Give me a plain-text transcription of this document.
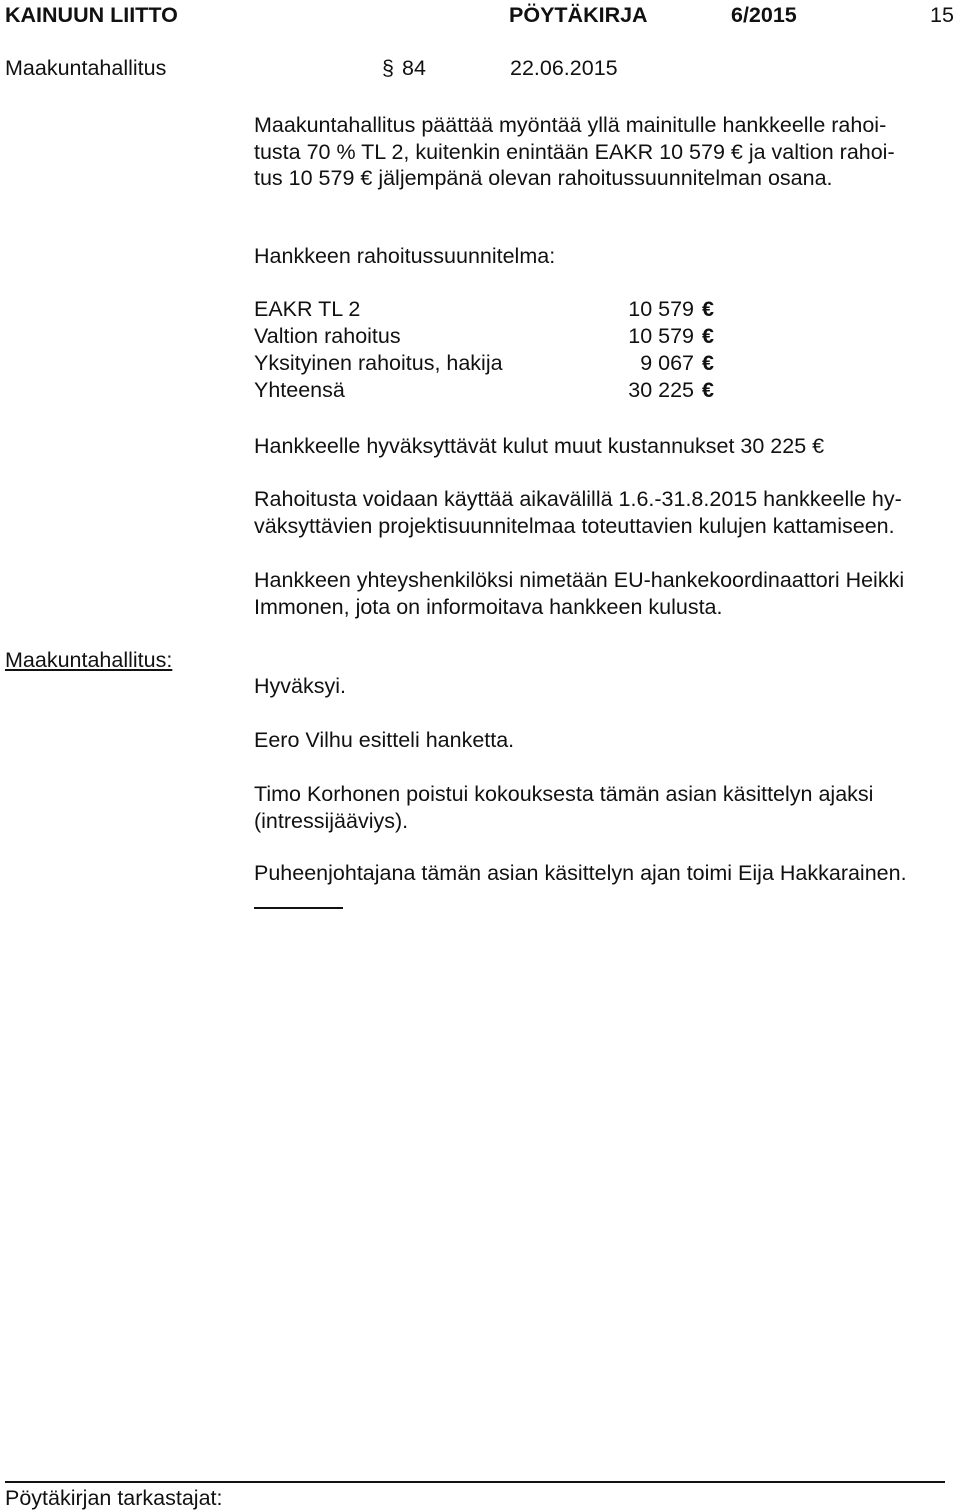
KAINUUN LIITTO	PÖYTÄKIRJA	6/2015	15
Maakuntahallitus	§ 84	22.06.2015
Maakuntahallitus päättää myöntää yllä mainitulle hankkeelle rahoi-
tusta 70 % TL 2, kuitenkin enintään EAKR 10 579 € ja valtion rahoi-
tus 10 579 € jäljempänä olevan rahoitussuunnitelman osana.
Hankkeen rahoitussuunnitelma:
EAKR TL 2	10 579 €
Valtion rahoitus	10 579 €
Yksityinen rahoitus, hakija	9 067 €
Yhteensä	30 225 €
Hankkeelle hyväksyttävät kulut muut kustannukset 30 225 €
Rahoitusta voidaan käyttää aikavälillä 1.6.-31.8.2015 hankkeelle hy-
väksyttävien projektisuunnitelmaa toteuttavien kulujen kattamiseen.
Hankkeen yhteyshenkilöksi nimetään EU-hankekoordinaattori Heikki
Immonen, jota on informoitava hankkeen kulusta.
Maakuntahallitus:
Hyväksyi.
Eero Vilhu esitteli hanketta.
Timo Korhonen poistui kokouksesta tämän asian käsittelyn ajaksi
(intressijääviys).
Puheenjohtajana tämän asian käsittelyn ajan toimi Eija Hakkarainen.
Pöytäkirjan tarkastajat:
